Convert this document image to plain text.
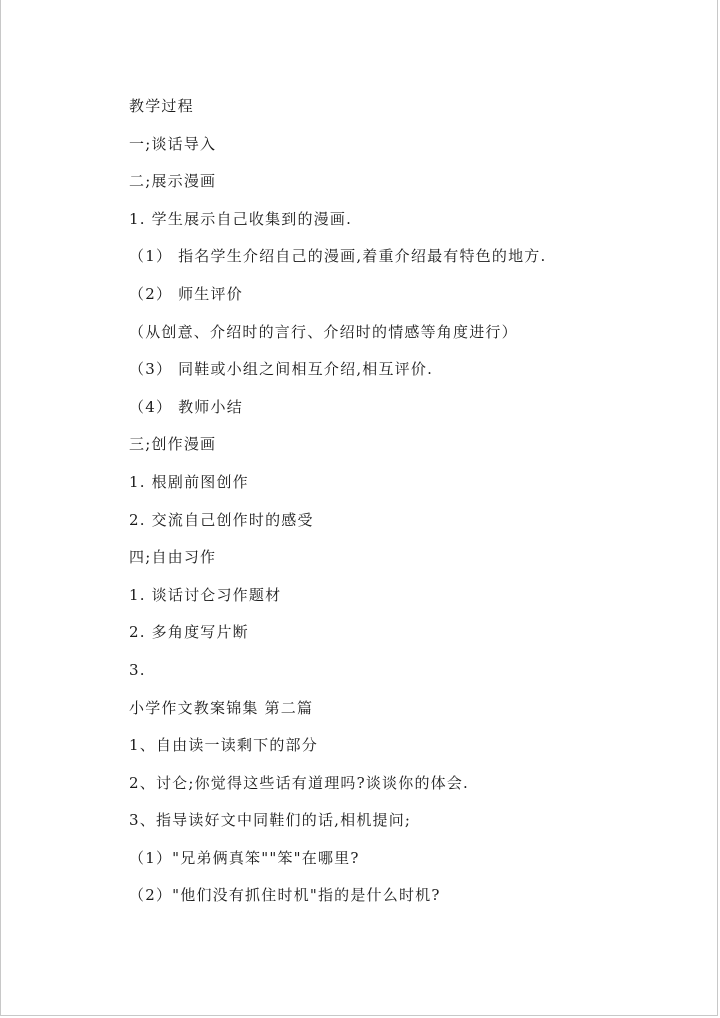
教学过程
一;谈话导入
二;展示漫画
1. 学生展示自己收集到的漫画.
（1） 指名学生介绍自己的漫画,着重介绍最有特色的地方.
（2） 师生评价
（从创意、介绍时的言行、介绍时的情感等角度进行）
（3） 同鞋或小组之间相互介绍,相互评价.
（4） 教师小结
三;创作漫画
1. 根剧前图创作
2. 交流自己创作时的感受
四;自由习作
1. 谈话讨仑习作题材
2. 多角度写片断
3.
小学作文教案锦集 第二篇
1、自由读一读剩下的部分
2、讨仑;你觉得这些话有道理吗?谈谈你的体会.
3、指导读好文中同鞋们的话,相机提问;
（1）"兄弟俩真笨""笨"在哪里?
（2）"他们没有抓住时机"指的是什么时机?
